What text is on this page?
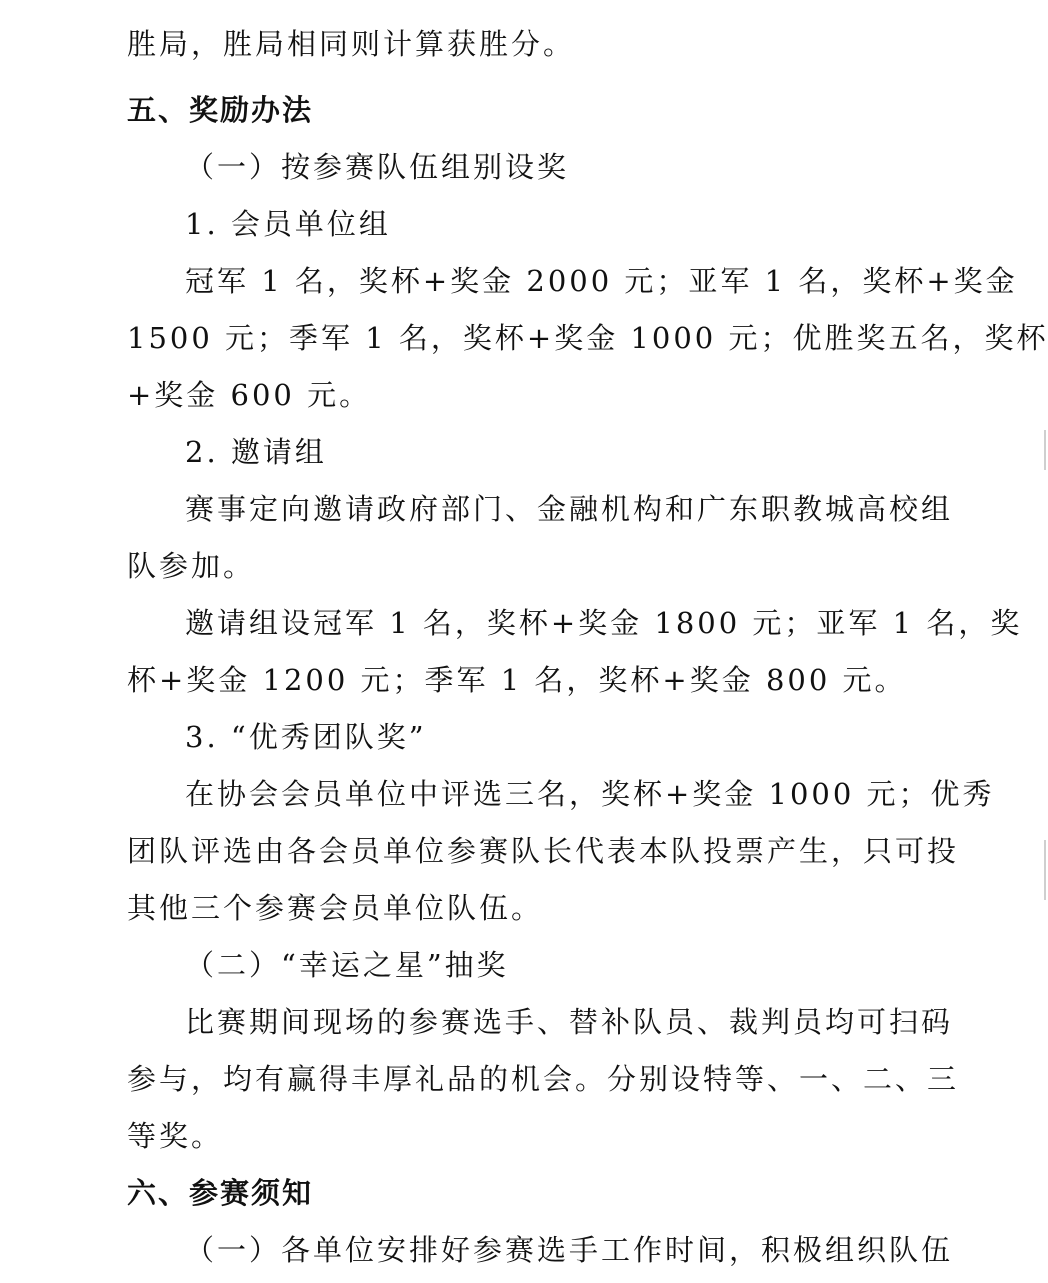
胜局，胜局相同则计算获胜分。
五、奖励办法
（一）按参赛队伍组别设奖
1. 会员单位组
冠军 1 名，奖杯+奖金 2000 元；亚军 1 名，奖杯+奖金
1500 元；季军 1 名，奖杯+奖金 1000 元；优胜奖五名，奖杯
+奖金 600 元。
2. 邀请组
赛事定向邀请政府部门、金融机构和广东职教城高校组
队参加。
邀请组设冠军 1 名，奖杯+奖金 1800 元；亚军 1 名，奖
杯+奖金 1200 元；季军 1 名，奖杯+奖金 800 元。
3. “优秀团队奖”
在协会会员单位中评选三名，奖杯+奖金 1000 元；优秀
团队评选由各会员单位参赛队长代表本队投票产生，只可投
其他三个参赛会员单位队伍。
（二）“幸运之星”抽奖
比赛期间现场的参赛选手、替补队员、裁判员均可扫码
参与，均有赢得丰厚礼品的机会。分别设特等、一、二、三
等奖。
六、参赛须知
（一）各单位安排好参赛选手工作时间，积极组织队伍
